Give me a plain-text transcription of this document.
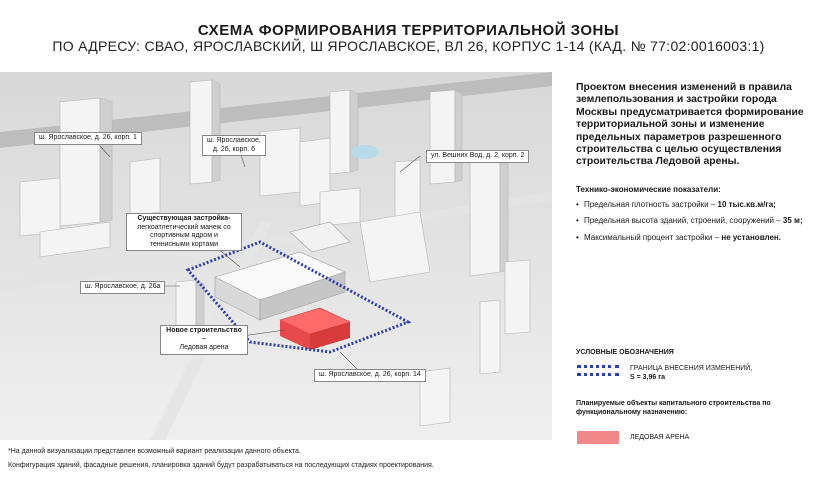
СХЕМА ФОРМИРОВАНИЯ ТЕРРИТОРИАЛЬНОЙ ЗОНЫ
ПО АДРЕСУ: СВАО, ЯРОСЛАВСКИЙ, Ш ЯРОСЛАВСКОЕ, ВЛ 26, КОРПУС 1-14 (КАД. № 77:02:0016003:1)
ш. Ярославское, д. 26, корп. 1	ш. Ярославское,
д. 26, корп. 6
ул. Вешних Вод, д. 2, корп. 2
Существующая застройка-
легкоатлетический манеж со
спортивным ядром и
теннисными кортами
ш. Ярославское, д. 26а
Новое строительство –
Ледовая арена
ш. Ярославское, д. 26, корп. 14

Проектом внесения изменений в правила землепользования и застройки города Москвы предусматривается формирование территориальной зоны и изменение предельных параметров разрешенного строительства с целью осуществления строительства Ледовой арены.

Технико-экономические показатели:
• Предельная плотность застройки – 10 тыс.кв.м/га;
• Предельная высота зданий, строений, сооружений – 35 м;
• Максимальный процент застройки – не установлен.
УСЛОВНЫЕ ОБОЗНАЧЕНИЯ
ГРАНИЦА ВНЕСЕНИЯ ИЗМЕНЕНИЙ,
S = 3,96 га
Планируемые объекты капитального строительства по функциональному назначению:
ЛЕДОВАЯ АРЕНА
*На данной визуализации представлен возможный вариант реализации данного объекта.
Конфигурация зданий, фасадные решения, планировка зданий будут разрабатываться на последующих стадиях проектирования.
